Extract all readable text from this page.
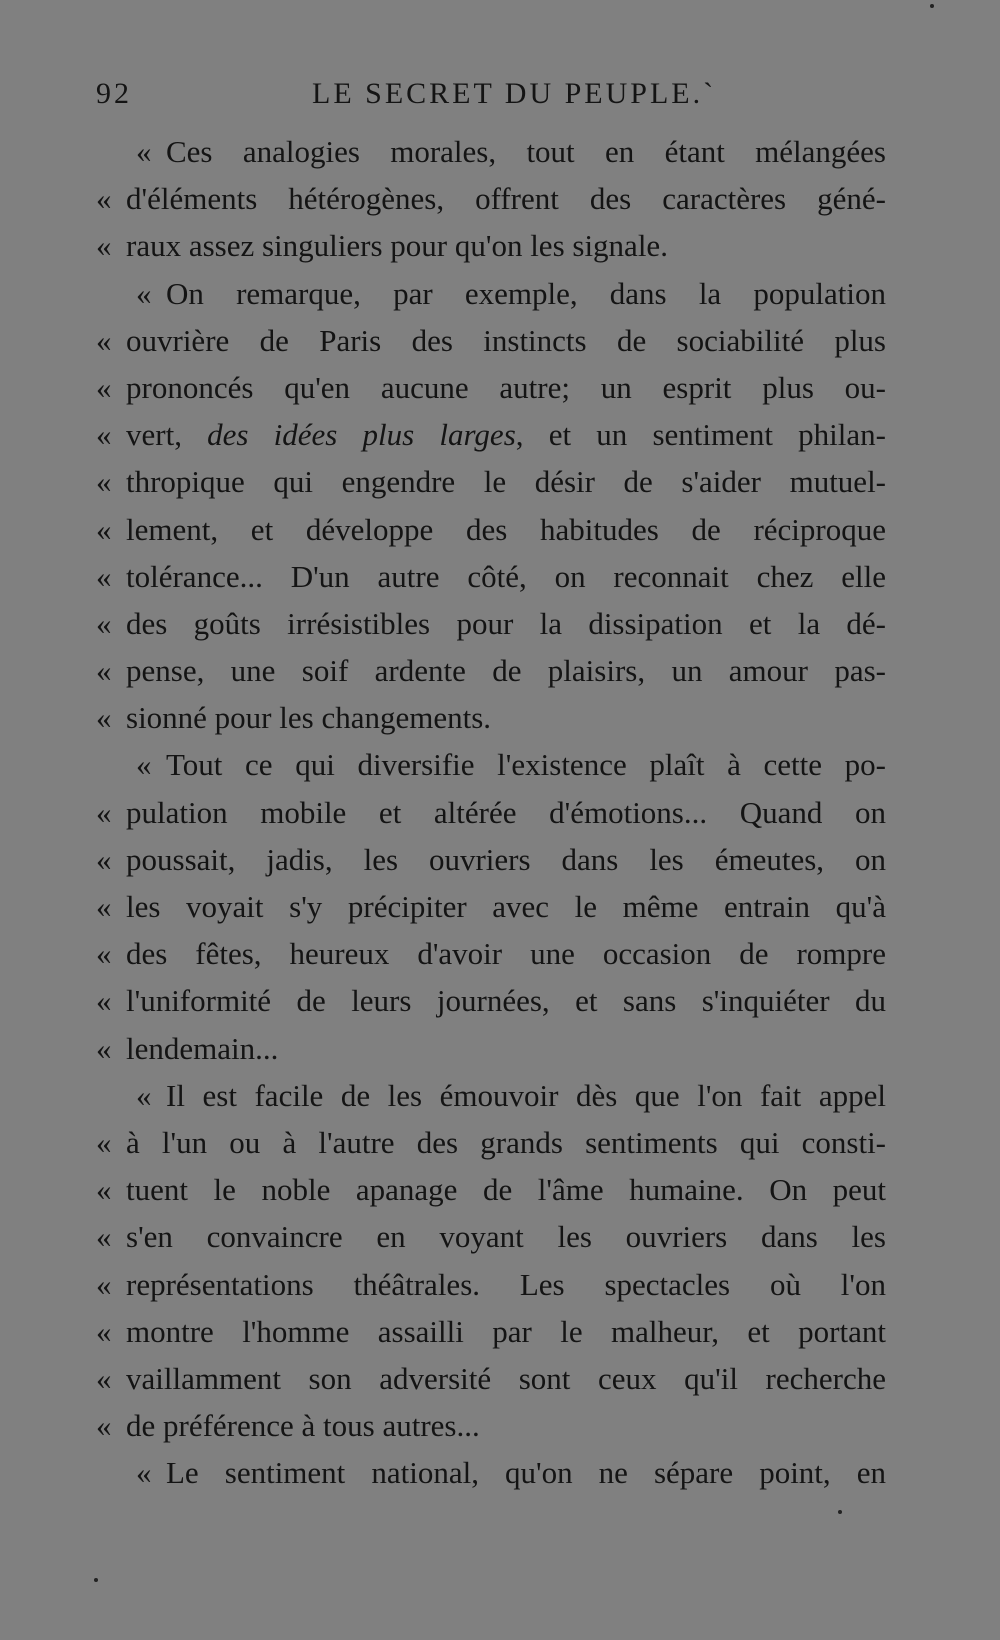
92	LE SECRET DU PEUPLE.`
« Ces analogies morales, tout en étant mélangées
« d'éléments hétérogènes, offrent des caractères géné-
« raux assez singuliers pour qu'on les signale.
« On remarque, par exemple, dans la population
« ouvrière de Paris des instincts de sociabilité plus
« prononcés qu'en aucune autre; un esprit plus ou-
« vert, des idées plus larges, et un sentiment philan-
« thropique qui engendre le désir de s'aider mutuel-
« lement, et développe des habitudes de réciproque
« tolérance... D'un autre côté, on reconnait chez elle
« des goûts irrésistibles pour la dissipation et la dé-
« pense, une soif ardente de plaisirs, un amour pas-
« sionné pour les changements.
« Tout ce qui diversifie l'existence plaît à cette po-
« pulation mobile et altérée d'émotions... Quand on
« poussait, jadis, les ouvriers dans les émeutes, on
« les voyait s'y précipiter avec le même entrain qu'à
« des fêtes, heureux d'avoir une occasion de rompre
« l'uniformité de leurs journées, et sans s'inquiéter du
« lendemain...
« Il est facile de les émouvoir dès que l'on fait appel
« à l'un ou à l'autre des grands sentiments qui consti-
« tuent le noble apanage de l'âme humaine. On peut
« s'en convaincre en voyant les ouvriers dans les
« représentations théâtrales. Les spectacles où l'on
« montre l'homme assailli par le malheur, et portant
« vaillamment son adversité sont ceux qu'il recherche
« de préférence à tous autres...
« Le sentiment national, qu'on ne sépare point, en
